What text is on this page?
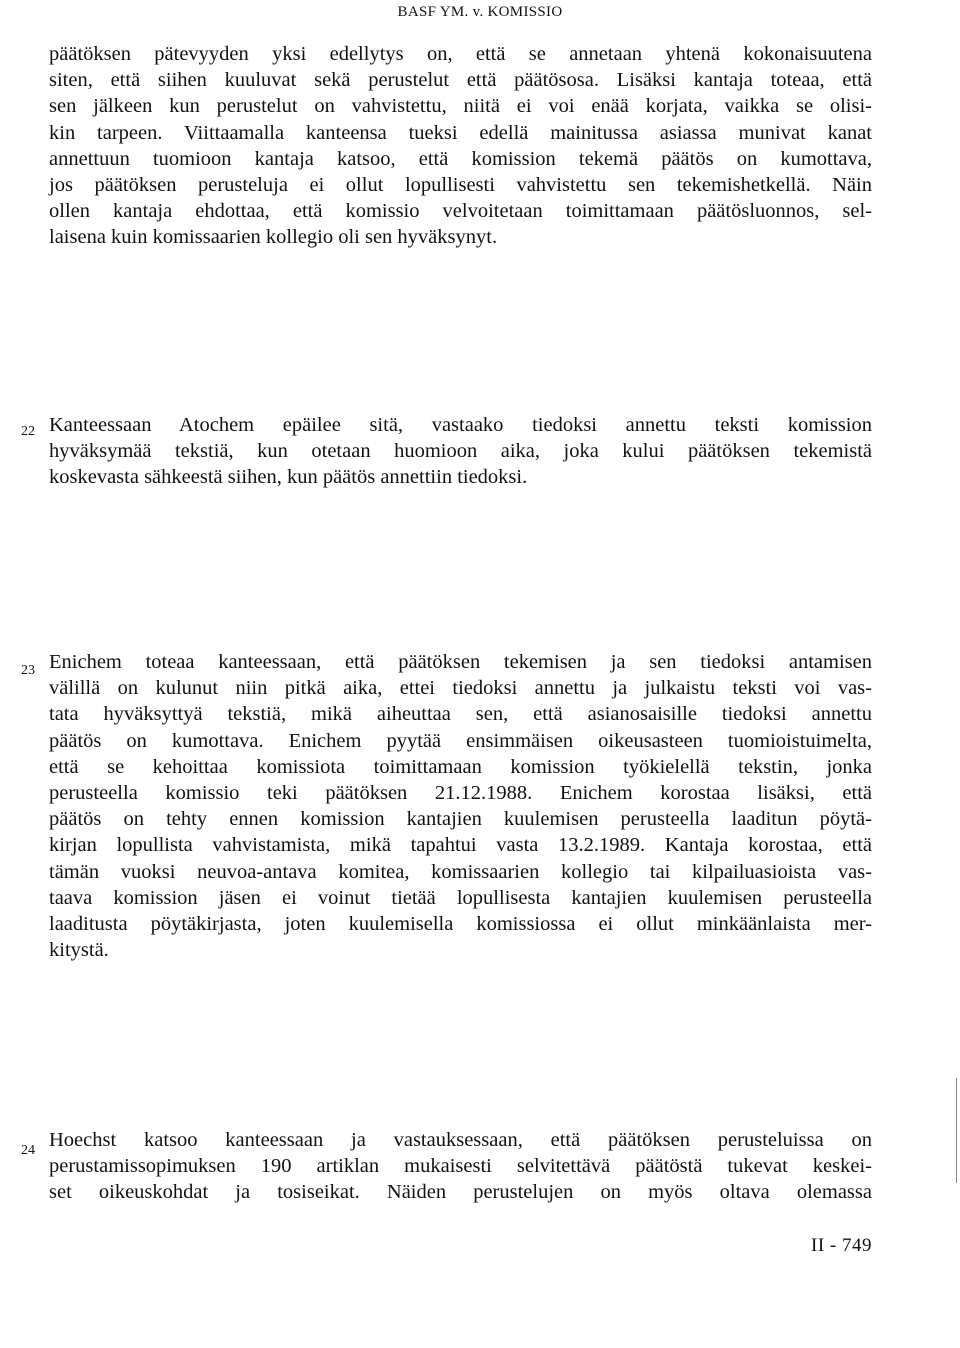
BASF YM. v. KOMISSIO

päätöksen pätevyyden yksi edellytys on, että se annetaan yhtenä kokonaisuutena
siten, että siihen kuuluvat sekä perustelut että päätösosa. Lisäksi kantaja toteaa, että
sen jälkeen kun perustelut on vahvistettu, niitä ei voi enää korjata, vaikka se olisi-
kin tarpeen. Viittaamalla kanteensa tueksi edellä mainitussa asiassa munivat kanat
annettuun tuomioon kantaja katsoo, että komission tekemä päätös on kumottava,
jos päätöksen perusteluja ei ollut lopullisesti vahvistettu sen tekemishetkellä. Näin
ollen kantaja ehdottaa, että komissio velvoitetaan toimittamaan päätösluonnos, sel-
laisena kuin komissaarien kollegio oli sen hyväksynyt.

22 Kanteessaan Atochem epäilee sitä, vastaako tiedoksi annettu teksti komission
hyväksymää tekstiä, kun otetaan huomioon aika, joka kului päätöksen tekemistä
koskevasta sähkeestä siihen, kun päätös annettiin tiedoksi.

23 Enichem toteaa kanteessaan, että päätöksen tekemisen ja sen tiedoksi antamisen
välillä on kulunut niin pitkä aika, ettei tiedoksi annettu ja julkaistu teksti voi vas-
tata hyväksyttyä tekstiä, mikä aiheuttaa sen, että asianosaisille tiedoksi annettu
päätös on kumottava. Enichem pyytää ensimmäisen oikeusasteen tuomioistuimelta,
että se kehoittaa komissiota toimittamaan komission työkielellä tekstin, jonka
perusteella komissio teki päätöksen 21.12.1988. Enichem korostaa lisäksi, että
päätös on tehty ennen komission kantajien kuulemisen perusteella laaditun pöytä-
kirjan lopullista vahvistamista, mikä tapahtui vasta 13.2.1989. Kantaja korostaa, että
tämän vuoksi neuvoa-antava komitea, komissaarien kollegio tai kilpailuasioista vas-
taava komission jäsen ei voinut tietää lopullisesta kantajien kuulemisen perusteella
laaditusta pöytäkirjasta, joten kuulemisella komissiossa ei ollut minkäänlaista mer-
kitystä.

24 Hoechst katsoo kanteessaan ja vastauksessaan, että päätöksen perusteluissa on
perustamissopimuksen 190 artiklan mukaisesti selvitettävä päätöstä tukevat keskei-
set oikeuskohdat ja tosiseikat. Näiden perustelujen on myös oltava olemassa

II - 749
